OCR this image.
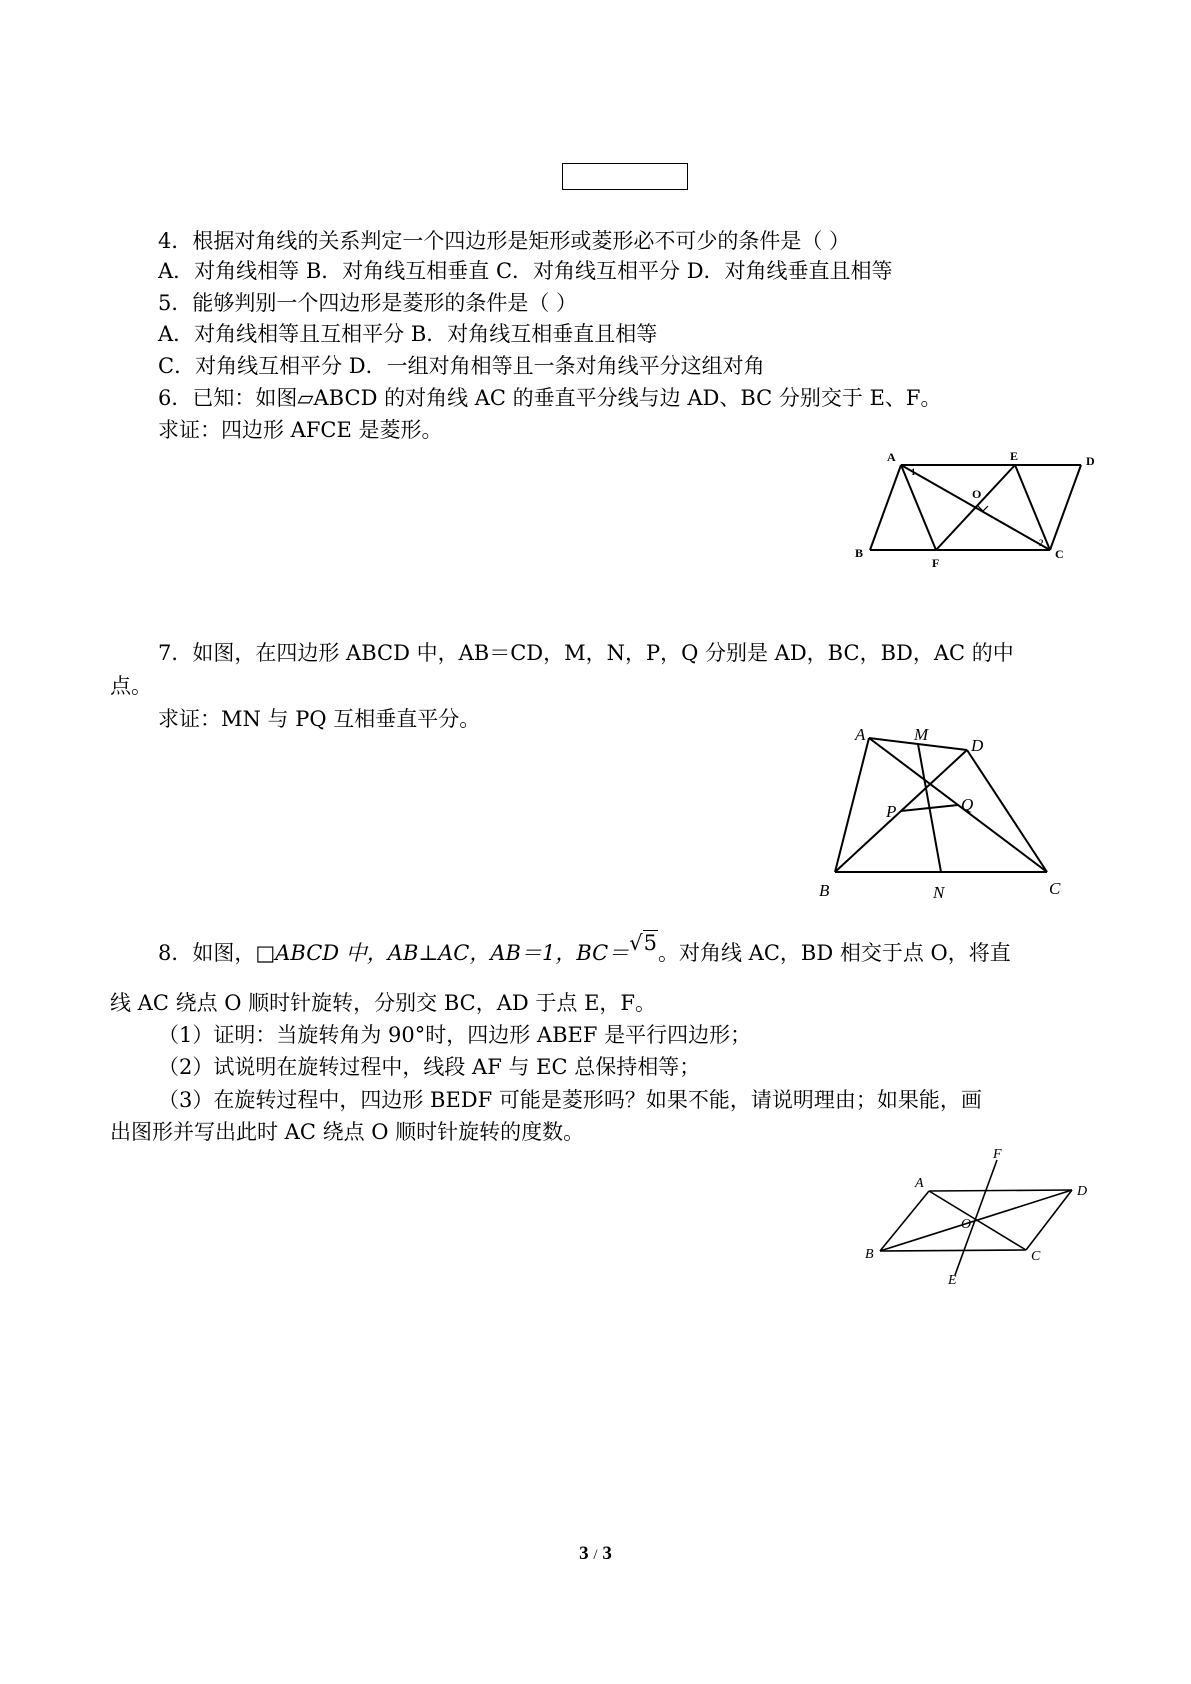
4．根据对角线的关系判定一个四边形是矩形或菱形必不可少的条件是（ ）
A．对角线相等 B．对角线互相垂直 C．对角线互相平分 D．对角线垂直且相等
5．能够判别一个四边形是菱形的条件是（ ）
A．对角线相等且互相平分 B．对角线互相垂直且相等
C．对角线互相平分 D．一组对角相等且一条对角线平分这组对角
6．已知：如图▱ABCD 的对角线 AC 的垂直平分线与边 AD、BC 分别交于 E、F。
求证：四边形 AFCE 是菱形。
A	E	D
O
B
F
C
1
2
7．如图，在四边形 ABCD 中，AB＝CD，M，N，P，Q 分别是 AD，BC，BD，AC 的中
点。
求证：MN 与 PQ 互相垂直平分。
A	M
D
P	Q
B	N	C
8．如图，□ABCD 中，AB⊥AC，AB＝1，BC＝√5。对角线 AC，BD 相交于点 O，将直
线 AC 绕点 O 顺时针旋转，分别交 BC，AD 于点 E，F。
（1）证明：当旋转角为 90°时，四边形 ABEF 是平行四边形；
（2）试说明在旋转过程中，线段 AF 与 EC 总保持相等；
（3）在旋转过程中，四边形 BEDF 可能是菱形吗？如果不能，请说明理由；如果能，画
出图形并写出此时 AC 绕点 O 顺时针旋转的度数。
F
A
D
O
B	C
E
3 / 3
